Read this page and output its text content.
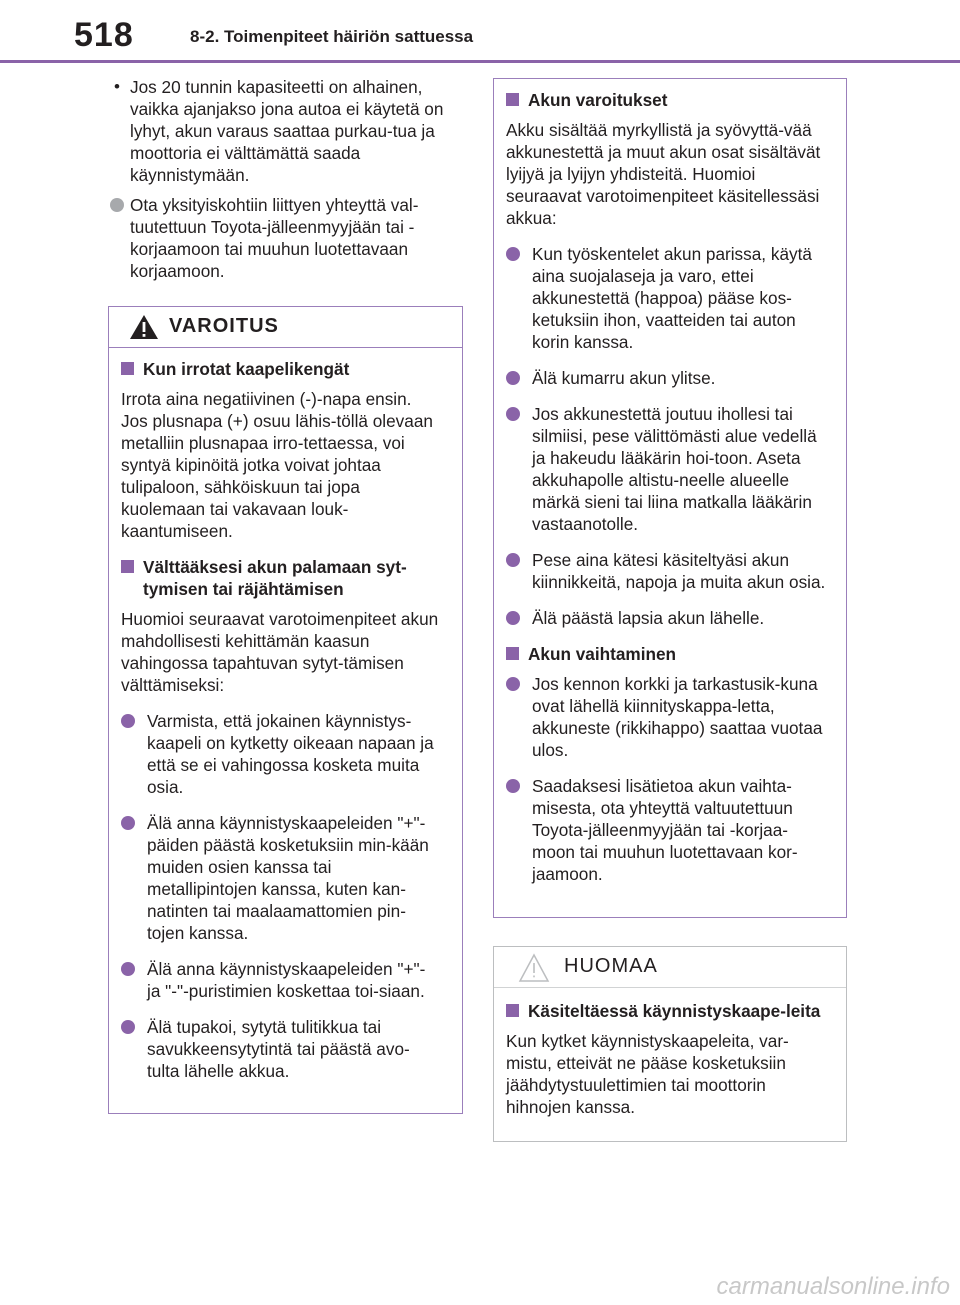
518	8-2. Toimenpiteet häiriön sattuessa
• Jos 20 tunnin kapasiteetti on alhainen, vaikka ajanjakso jona autoa ei käytetä on lyhyt, akun varaus saattaa purkau-tua ja moottoria ei välttämättä saada käynnistymään.
Ota yksityiskohtiin liittyen yhteyttä val-tuutettuun Toyota-jälleenmyyjään tai -korjaamoon tai muuhun luotettavaan korjaamoon.
VAROITUS
Kun irrotat kaapelikengät

Irrota aina negatiivinen (-)-napa ensin. Jos plusnapa (+) osuu lähis-töllä olevaan metalliin plusnapaa irro-tettaessa, voi syntyä kipinöitä jotka voivat johtaa tulipaloon, sähköiskuun tai jopa kuolemaan tai vakavaan louk-kaantumiseen.

Välttääksesi akun palamaan syt-tymisen tai räjähtämisen

Huomioi seuraavat varotoimenpiteet akun mahdollisesti kehittämän kaasun vahingossa tapahtuvan sytyt-tämisen välttämiseksi:

Varmista, että jokainen käynnistys-kaapeli on kytketty oikeaan napaan ja että se ei vahingossa kosketa muita osia.
Älä anna käynnistyskaapeleiden "+"-päiden päästä kosketuksiin min-kään muiden osien kanssa tai metallipintojen kanssa, kuten kan-natinten tai maalaamattomien pin-tojen kanssa.
Älä anna käynnistyskaapeleiden "+"- ja "-"-puristimien koskettaa toi-siaan.
Älä tupakoi, sytytä tulitikkua tai savukkeensytytintä tai päästä avo-tulta lähelle akkua.
Akun varoitukset

Akku sisältää myrkyllistä ja syövyttä-vää akkunestettä ja muut akun osat sisältävät lyijyä ja lyijyn yhdisteitä. Huomioi seuraavat varotoimenpiteet käsitellessäsi akkua:

Kun työskentelet akun parissa, käytä aina suojalaseja ja varo, ettei akkunestettä (happoa) pääse kos-ketuksiin ihon, vaatteiden tai auton korin kanssa.
Älä kumarru akun ylitse.
Jos akkunestettä joutuu ihollesi tai silmiisi, pese välittömästi alue vedellä ja hakeudu lääkärin hoi-toon. Aseta akkuhapolle altistu-neelle alueelle märkä sieni tai liina matkalla lääkärin vastaanotolle.
Pese aina kätesi käsiteltyäsi akun kiinnikkeitä, napoja ja muita akun osia.
Älä päästä lapsia akun lähelle.
Akun vaihtaminen
Jos kennon korkki ja tarkastusik-kuna ovat lähellä kiinnityskappa-letta, akkuneste (rikkihappo) saattaa vuotaa ulos.
Saadaksesi lisätietoa akun vaihta-misesta, ota yhteyttä valtuutettuun Toyota-jälleenmyyjään tai -korjaa-moon tai muuhun luotettavaan kor-jaamoon.
HUOMAA
Käsiteltäessä käynnistyskaape-leita

Kun kytket käynnistyskaapeleita, var-mistu, etteivät ne pääse kosketuksiin jäähdytystuulettimien tai moottorin hihnojen kanssa.

carmanualsonline.info
